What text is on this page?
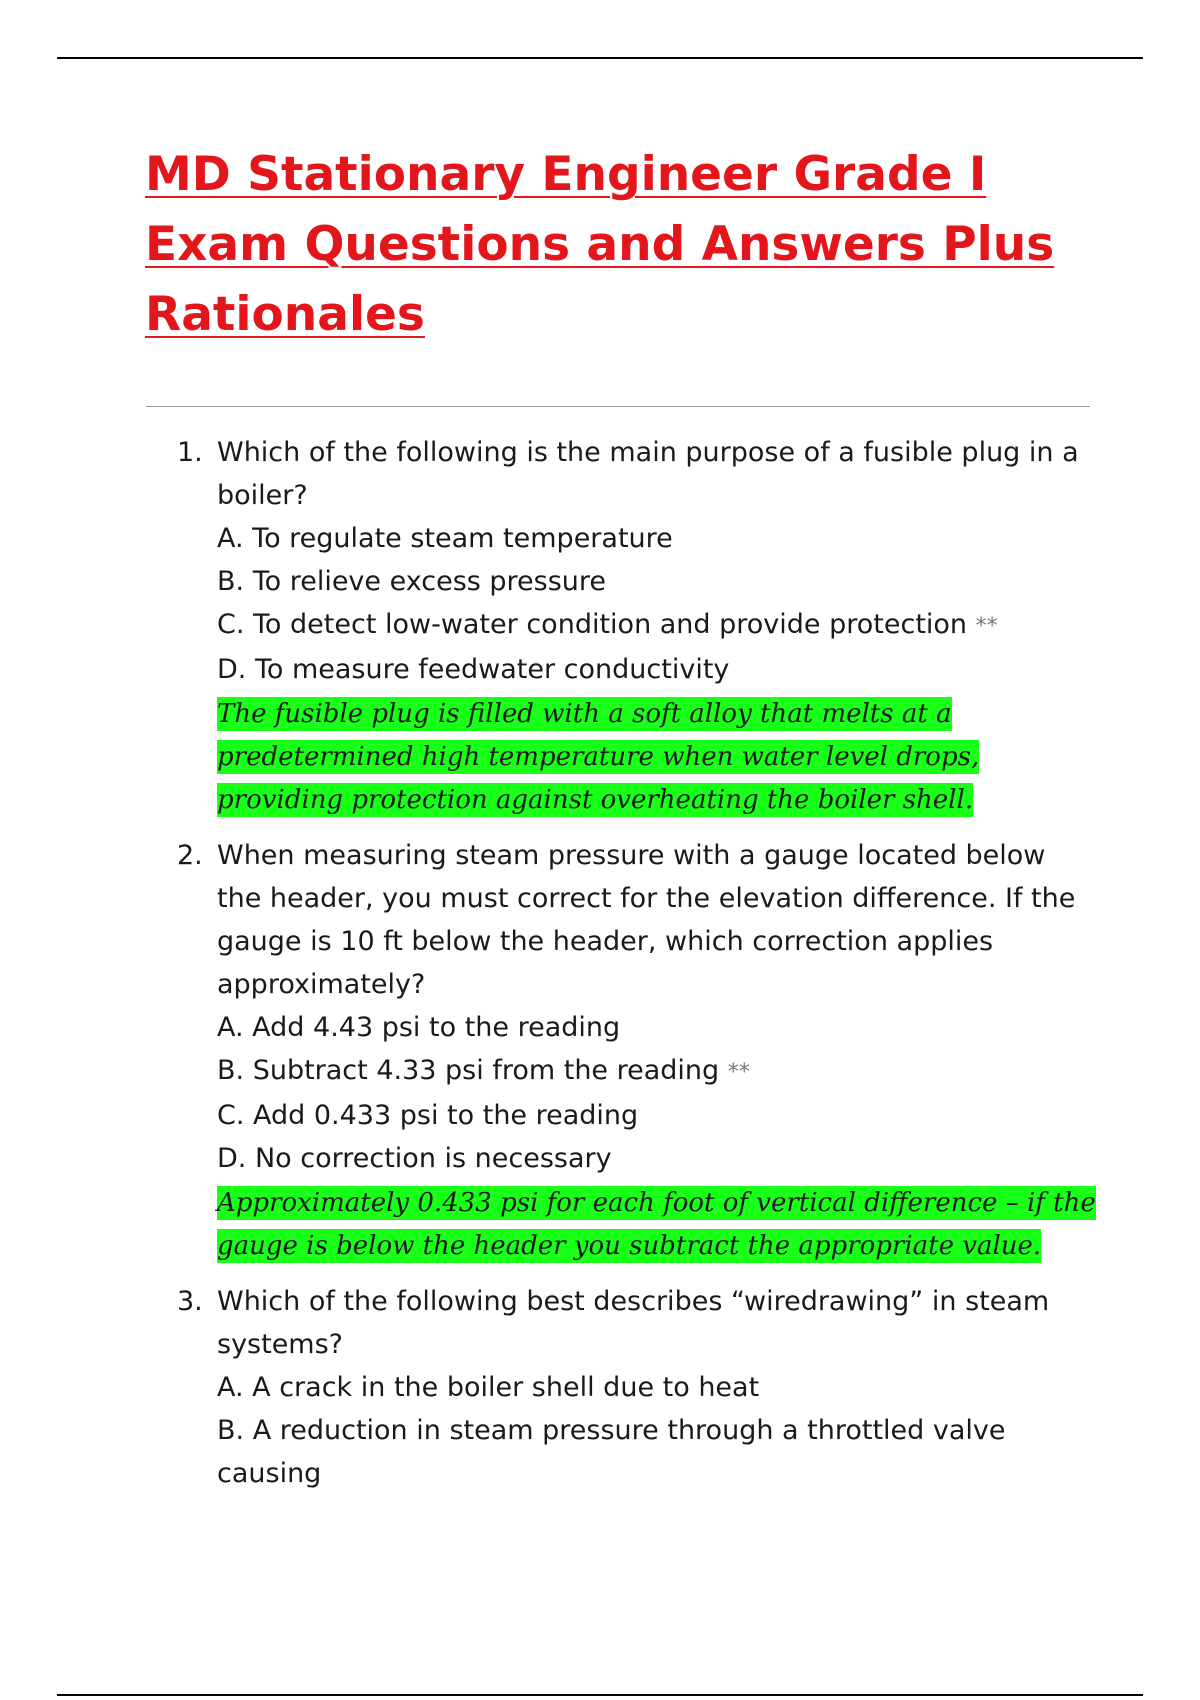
MD Stationary Engineer Grade I
Exam Questions and Answers Plus
Rationales
1. Which of the following is the main purpose of a fusible plug in a boiler?
A. To regulate steam temperature
B. To relieve excess pressure
C. To detect low-water condition and provide protection **
D. To measure feedwater conductivity
The fusible plug is filled with a soft alloy that melts at a predetermined high temperature when water level drops, providing protection against overheating the boiler shell.
2. When measuring steam pressure with a gauge located below the header, you must correct for the elevation difference. If the gauge is 10 ft below the header, which correction applies approximately?
A. Add 4.43 psi to the reading
B. Subtract 4.33 psi from the reading **
C. Add 0.433 psi to the reading
D. No correction is necessary
Approximately 0.433 psi for each foot of vertical difference – if the gauge is below the header you subtract the appropriate value.
3. Which of the following best describes “wiredrawing” in steam systems?
A. A crack in the boiler shell due to heat
B. A reduction in steam pressure through a throttled valve causing
